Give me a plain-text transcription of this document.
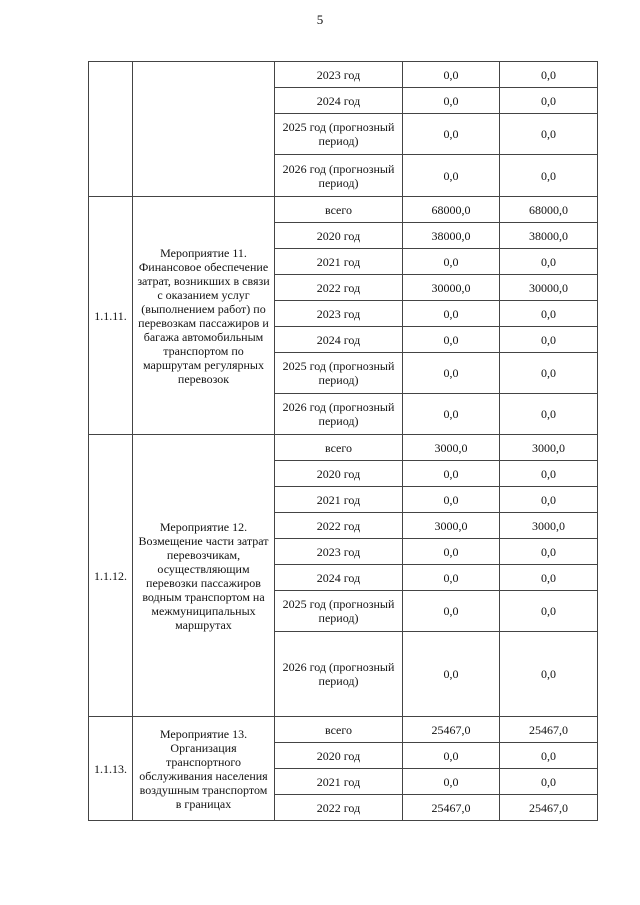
5
		2023 год	0,0	0,0
		2024 год	0,0	0,0
		2025 год (прогнозный период)	0,0	0,0
		2026 год (прогнозный период)	0,0	0,0
1.1.11.	Мероприятие 11. Финансовое обеспечение затрат, возникших в связи с оказанием услуг (выполнением работ) по перевозкам пассажиров и багажа автомобильным транспортом по маршрутам регулярных перевозок	всего	68000,0	68000,0
		2020 год	38000,0	38000,0
		2021 год	0,0	0,0
		2022 год	30000,0	30000,0
		2023 год	0,0	0,0
		2024 год	0,0	0,0
		2025 год (прогнозный период)	0,0	0,0
		2026 год (прогнозный период)	0,0	0,0
1.1.12.	Мероприятие 12. Возмещение части затрат перевозчикам, осуществляющим перевозки пассажиров водным транспортом на межмуниципальных маршрутах	всего	3000,0	3000,0
		2020 год	0,0	0,0
		2021 год	0,0	0,0
		2022 год	3000,0	3000,0
		2023 год	0,0	0,0
		2024 год	0,0	0,0
		2025 год (прогнозный период)	0,0	0,0
		2026 год (прогнозный период)	0,0	0,0
1.1.13.	Мероприятие 13. Организация транспортного обслуживания населения воздушным транспортом в границах	всего	25467,0	25467,0
		2020 год	0,0	0,0
		2021 год	0,0	0,0
		2022 год	25467,0	25467,0
